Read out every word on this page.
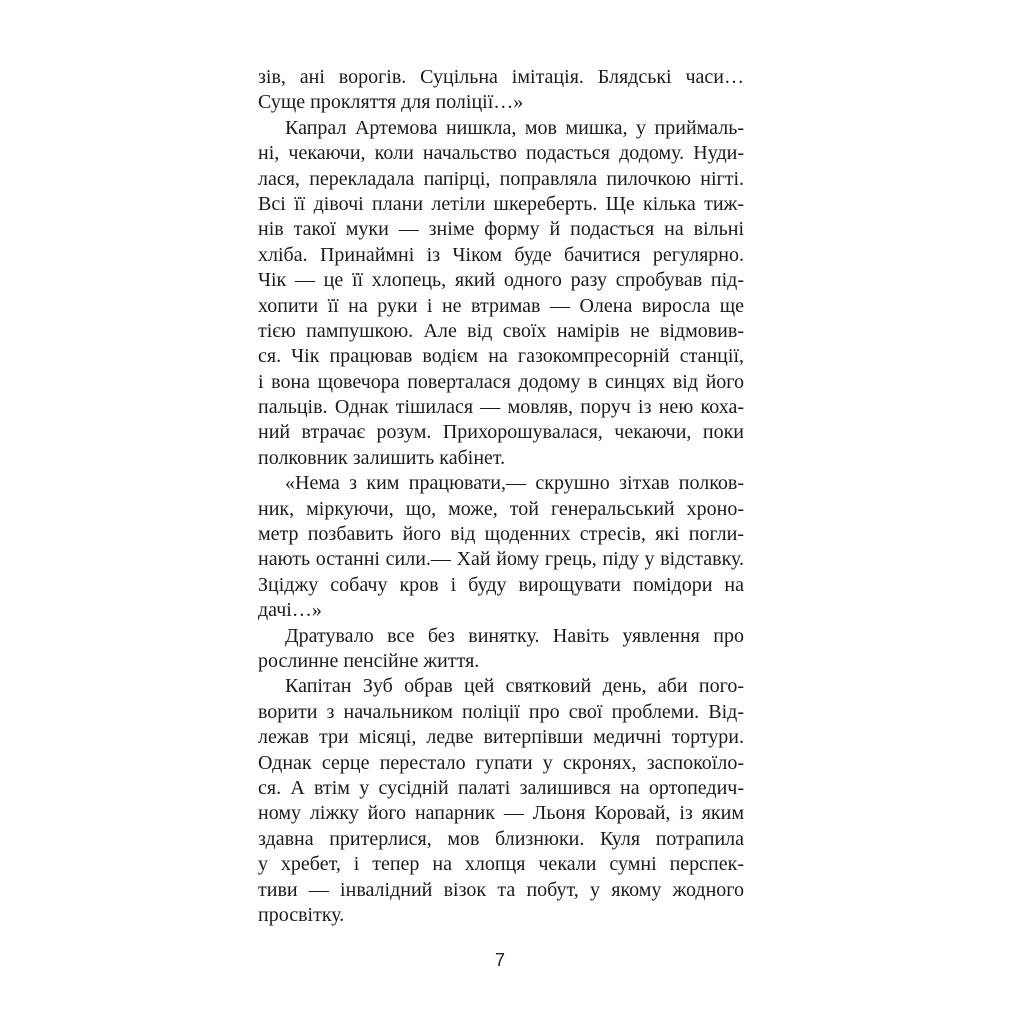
зів, ані ворогів. Суцільна імітація. Блядські часи…
Суще прокляття для поліції…»
Капрал Артемова нишкла, мов мишка, у приймаль-
ні, чекаючи, коли начальство подасться додому. Нуди-
лася, перекладала папірці, поправляла пилочкою нігті.
Всі її дівочі плани летіли шкереберть. Ще кілька тиж-
нів такої муки — зніме форму й подасться на вільні
хліба. Принаймні із Чіком буде бачитися регулярно.
Чік — це її хлопець, який одного разу спробував під-
хопити її на руки і не втримав — Олена виросла ще
тією пампушкою. Але від своїх намірів не відмовив-
ся. Чік працював водієм на газокомпресорній станції,
і вона щовечора поверталася додому в синцях від його
пальців. Однак тішилася — мовляв, поруч із нею коха-
ний втрачає розум. Прихорошувалася, чекаючи, поки
полковник залишить кабінет.
«Нема з ким працювати,— скрушно зітхав полков-
ник, міркуючи, що, може, той генеральський хроно-
метр позбавить його від щоденних стресів, які погли-
нають останні сили.— Хай йому грець, піду у відставку.
Зціджу собачу кров і буду вирощувати помідори на
дачі…»
Дратувало все без винятку. Навіть уявлення про
рослинне пенсійне життя.
Капітан Зуб обрав цей святковий день, аби пого-
ворити з начальником поліції про свої проблеми. Від-
лежав три місяці, ледве витерпівши медичні тортури.
Однак серце перестало гупати у скронях, заспокоїло-
ся. А втім у сусідній палаті залишився на ортопедич-
ному ліжку його напарник — Льоня Коровай, із яким
здавна притерлися, мов близнюки. Куля потрапила
у хребет, і тепер на хлопця чекали сумні перспек-
тиви — інвалідний візок та побут, у якому жодного
просвітку.
7
